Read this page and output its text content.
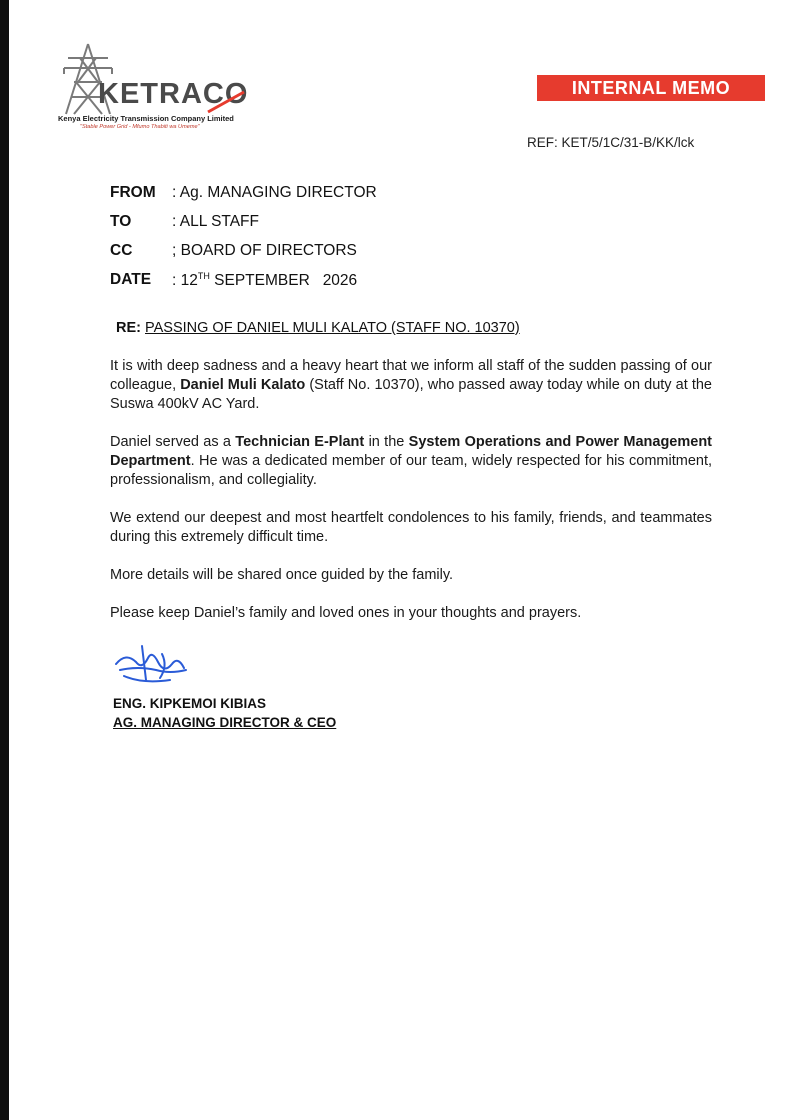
KETRACO
Kenya Electricity Transmission Company Limited
"Stable Power Grid - Mfumo Thabiti wa Umeme"
INTERNAL MEMO
REF: KET/5/1C/31-B/KK/lck
FROM	: Ag. MANAGING DIRECTOR
TO	: ALL STAFF
CC	; BOARD OF DIRECTORS
DATE	: 12TH SEPTEMBER   2026
RE: PASSING OF DANIEL MULI KALATO (STAFF NO. 10370)

It is with deep sadness and a heavy heart that we inform all staff of the sudden passing of our colleague, Daniel Muli Kalato (Staff No. 10370), who passed away today while on duty at the Suswa 400kV AC Yard.

Daniel served as a Technician E-Plant in the System Operations and Power Management Department. He was a dedicated member of our team, widely respected for his commitment, professionalism, and collegiality.

We extend our deepest and most heartfelt condolences to his family, friends, and teammates during this extremely difficult time.

More details will be shared once guided by the family.

Please keep Daniel’s family and loved ones in your thoughts and prayers.

ENG. KIPKEMOI KIBIAS
AG. MANAGING DIRECTOR & CEO
